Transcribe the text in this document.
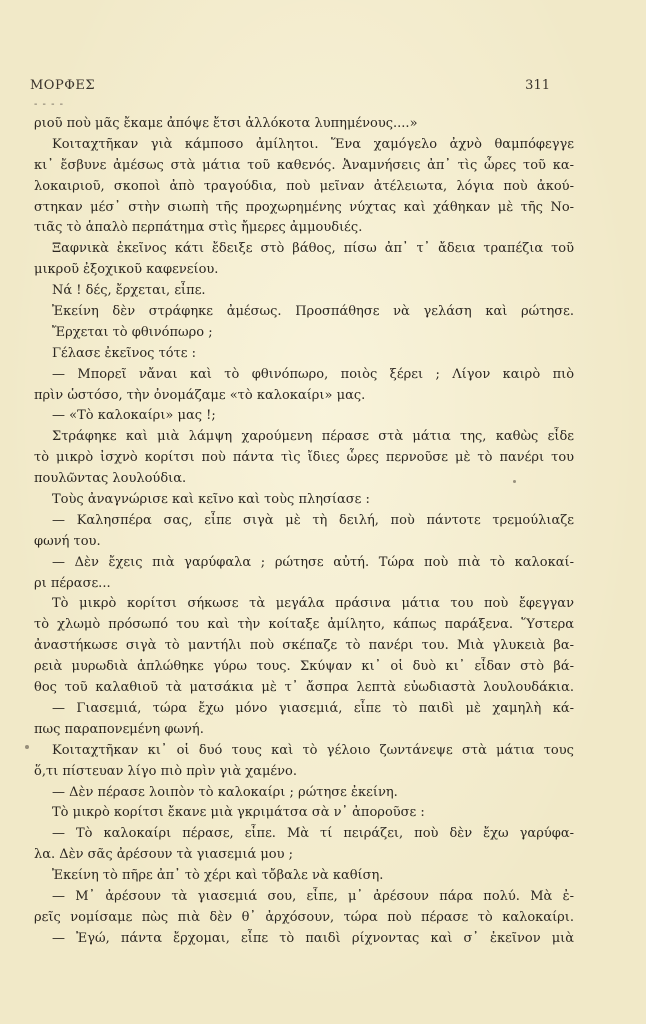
ΜΟΡΦΕΣ	311
- - - -
ριοῦ ποὺ μᾶς ἔκαμε ἀπόψε ἔτσι ἀλλόκοτα λυπημένους....»
Κοιταχτῆκαν γιὰ κάμποσο ἀμίλητοι. Ἕνα χαμόγελο ἀχνὸ θαμπόφεγγε
κι᾽ ἔσβυνε ἀμέσως στὰ μάτια τοῦ καθενός. Ἀναμνήσεις ἀπ᾽ τὶς ὧρες τοῦ κα-
λοκαιριοῦ, σκοποὶ ἀπὸ τραγούδια, ποὺ μεῖναν ἀτέλειωτα, λόγια ποὺ ἀκού-
στηκαν μέσ᾽ στὴν σιωπὴ τῆς προχωρημένης νύχτας καὶ χάθηκαν μὲ τῆς Νο-
τιᾶς τὸ ἁπαλὸ περπάτημα στὶς ἤμερες ἀμμουδιές.
Ξαφνικὰ ἐκεῖνος κάτι ἔδειξε στὸ βάθος, πίσω ἀπ᾽ τ᾽ ἄδεια τραπέζια τοῦ
μικροῦ ἐξοχικοῦ καφενείου.
Νά ! δές, ἔρχεται, εἶπε.
Ἐκείνη δὲν στράφηκε ἀμέσως. Προσπάθησε νὰ γελάση καὶ ρώτησε.
Ἔρχεται τὸ φθινόπωρο ;
Γέλασε ἐκεῖνος τότε :
— Μπορεῖ νἄναι καὶ τὸ φθινόπωρο, ποιὸς ξέρει ; Λίγον καιρὸ πιὸ
πρὶν ὡστόσο, τὴν ὀνομάζαμε «τὸ καλοκαίρι» μας.
— «Τὸ καλοκαίρι» μας !;
Στράφηκε καὶ μιὰ λάμψη χαρούμενη πέρασε στὰ μάτια της, καθὼς εἶδε
τὸ μικρὸ ἰσχνὸ κορίτσι ποὺ πάντα τὶς ἴδιες ὧρες περνοῦσε μὲ τὸ πανέρι του
πουλῶντας λουλούδια.
Τοὺς ἀναγνώρισε καὶ κεῖνο καὶ τοὺς πλησίασε :
— Καλησπέρα σας, εἶπε σιγὰ μὲ τὴ δειλή, ποὺ πάντοτε τρεμούλιαζε
φωνή του.
— Δὲν ἔχεις πιὰ γαρύφαλα ; ρώτησε αὐτή. Τώρα ποὺ πιὰ τὸ καλοκαί-
ρι πέρασε...
Τὸ μικρὸ κορίτσι σήκωσε τὰ μεγάλα πράσινα μάτια του ποὺ ἔφεγγαν
τὸ χλωμὸ πρόσωπό του καὶ τὴν κοίταξε ἀμίλητο, κάπως παράξενα. Ὕστερα
ἀναστήκωσε σιγὰ τὸ μαντήλι ποὺ σκέπαζε τὸ πανέρι του. Μιὰ γλυκειὰ βα-
ρειὰ μυρωδιὰ ἁπλώθηκε γύρω τους. Σκύψαν κι᾽ οἱ δυὸ κι᾽ εἶδαν στὸ βά-
θος τοῦ καλαθιοῦ τὰ ματσάκια μὲ τ᾽ ἄσπρα λεπτὰ εὐωδιαστὰ λουλουδάκια.
— Γιασεμιά, τώρα ἔχω μόνο γιασεμιά, εἶπε τὸ παιδὶ μὲ χαμηλὴ κά-
πως παραπονεμένη φωνή.
Κοιταχτῆκαν κι᾽ οἱ δυό τους καὶ τὸ γέλοιο ζωντάνεψε στὰ μάτια τους
ὅ,τι πίστευαν λίγο πιὸ πρὶν γιὰ χαμένο.
— Δὲν πέρασε λοιπὸν τὸ καλοκαίρι ; ρώτησε ἐκείνη.
Τὸ μικρὸ κορίτσι ἔκανε μιὰ γκριμάτσα σὰ ν᾽ ἀποροῦσε :
— Τὸ καλοκαίρι πέρασε, εἶπε. Μὰ τί πειράζει, ποὺ δὲν ἔχω γαρύφα-
λα. Δὲν σᾶς ἀρέσουν τὰ γιασεμιά μου ;
Ἐκείνη τὸ πῆρε ἀπ᾽ τὸ χέρι καὶ τὄβαλε νὰ καθίση.
— Μ᾽ ἀρέσουν τὰ γιασεμιά σου, εἶπε, μ᾽ ἀρέσουν πάρα πολύ. Μὰ ἐ-
ρεῖς νομίσαμε πὼς πιὰ δὲν θ᾽ ἀρχόσουν, τώρα ποὺ πέρασε τὸ καλοκαίρι.
— Ἐγώ, πάντα ἔρχομαι, εἶπε τὸ παιδὶ ρίχνοντας καὶ σ᾽ ἐκεῖνον μιὰ
